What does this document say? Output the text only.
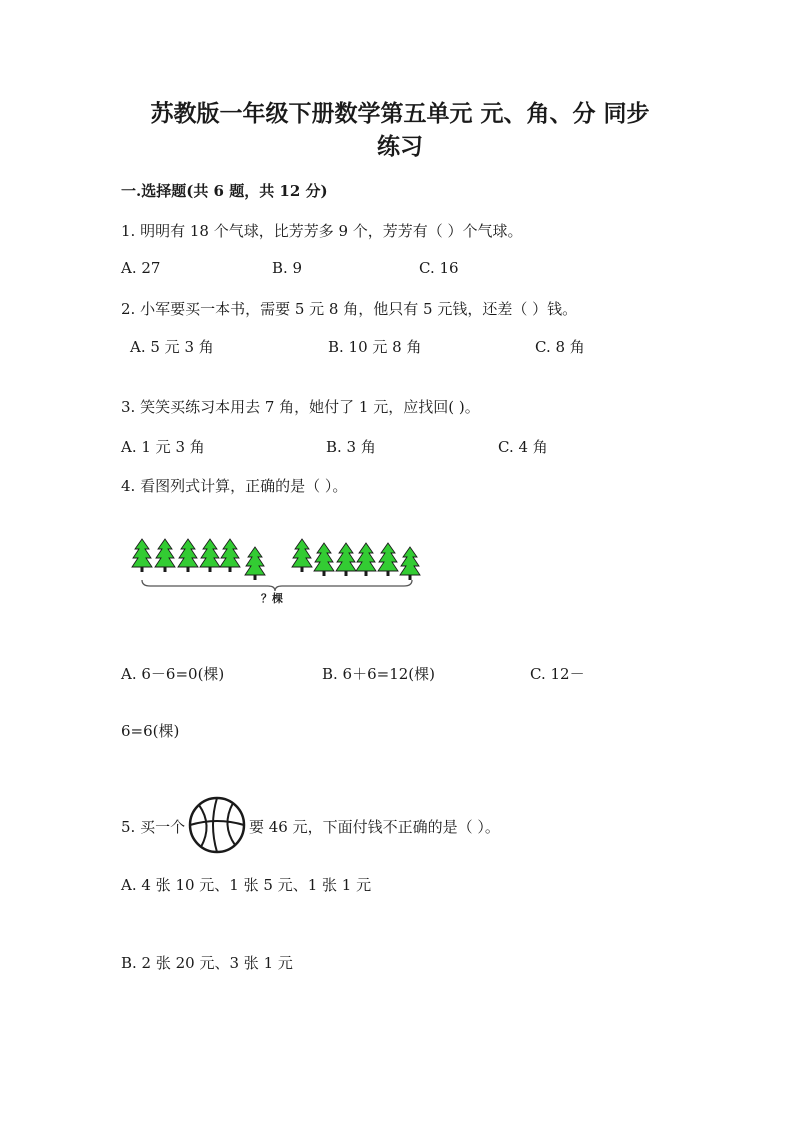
苏教版一年级下册数学第五单元 元、角、分 同步
练习
一.选择题(共 6 题，共 12 分)
1. 明明有 18 个气球，比芳芳多 9 个，芳芳有（ ）个气球。
A. 27	B. 9	C. 16
2. 小军要买一本书，需要 5 元 8 角，他只有 5 元钱，还差（ ）钱。
A. 5 元 3 角	B. 10 元 8 角	C. 8 角
3. 笑笑买练习本用去 7 角，她付了 1 元，应找回( )。
A. 1 元 3 角	B. 3 角	C. 4 角
4. 看图列式计算，正确的是（ ）。
？棵
A. 6－6=0(棵)	B. 6＋6=12(棵)	C. 12－
6=6(棵)
5. 买一个	要 46 元，下面付钱不正确的是（ ）。
A. 4 张 10 元、1 张 5 元、1 张 1 元
B. 2 张 20 元、3 张 1 元
